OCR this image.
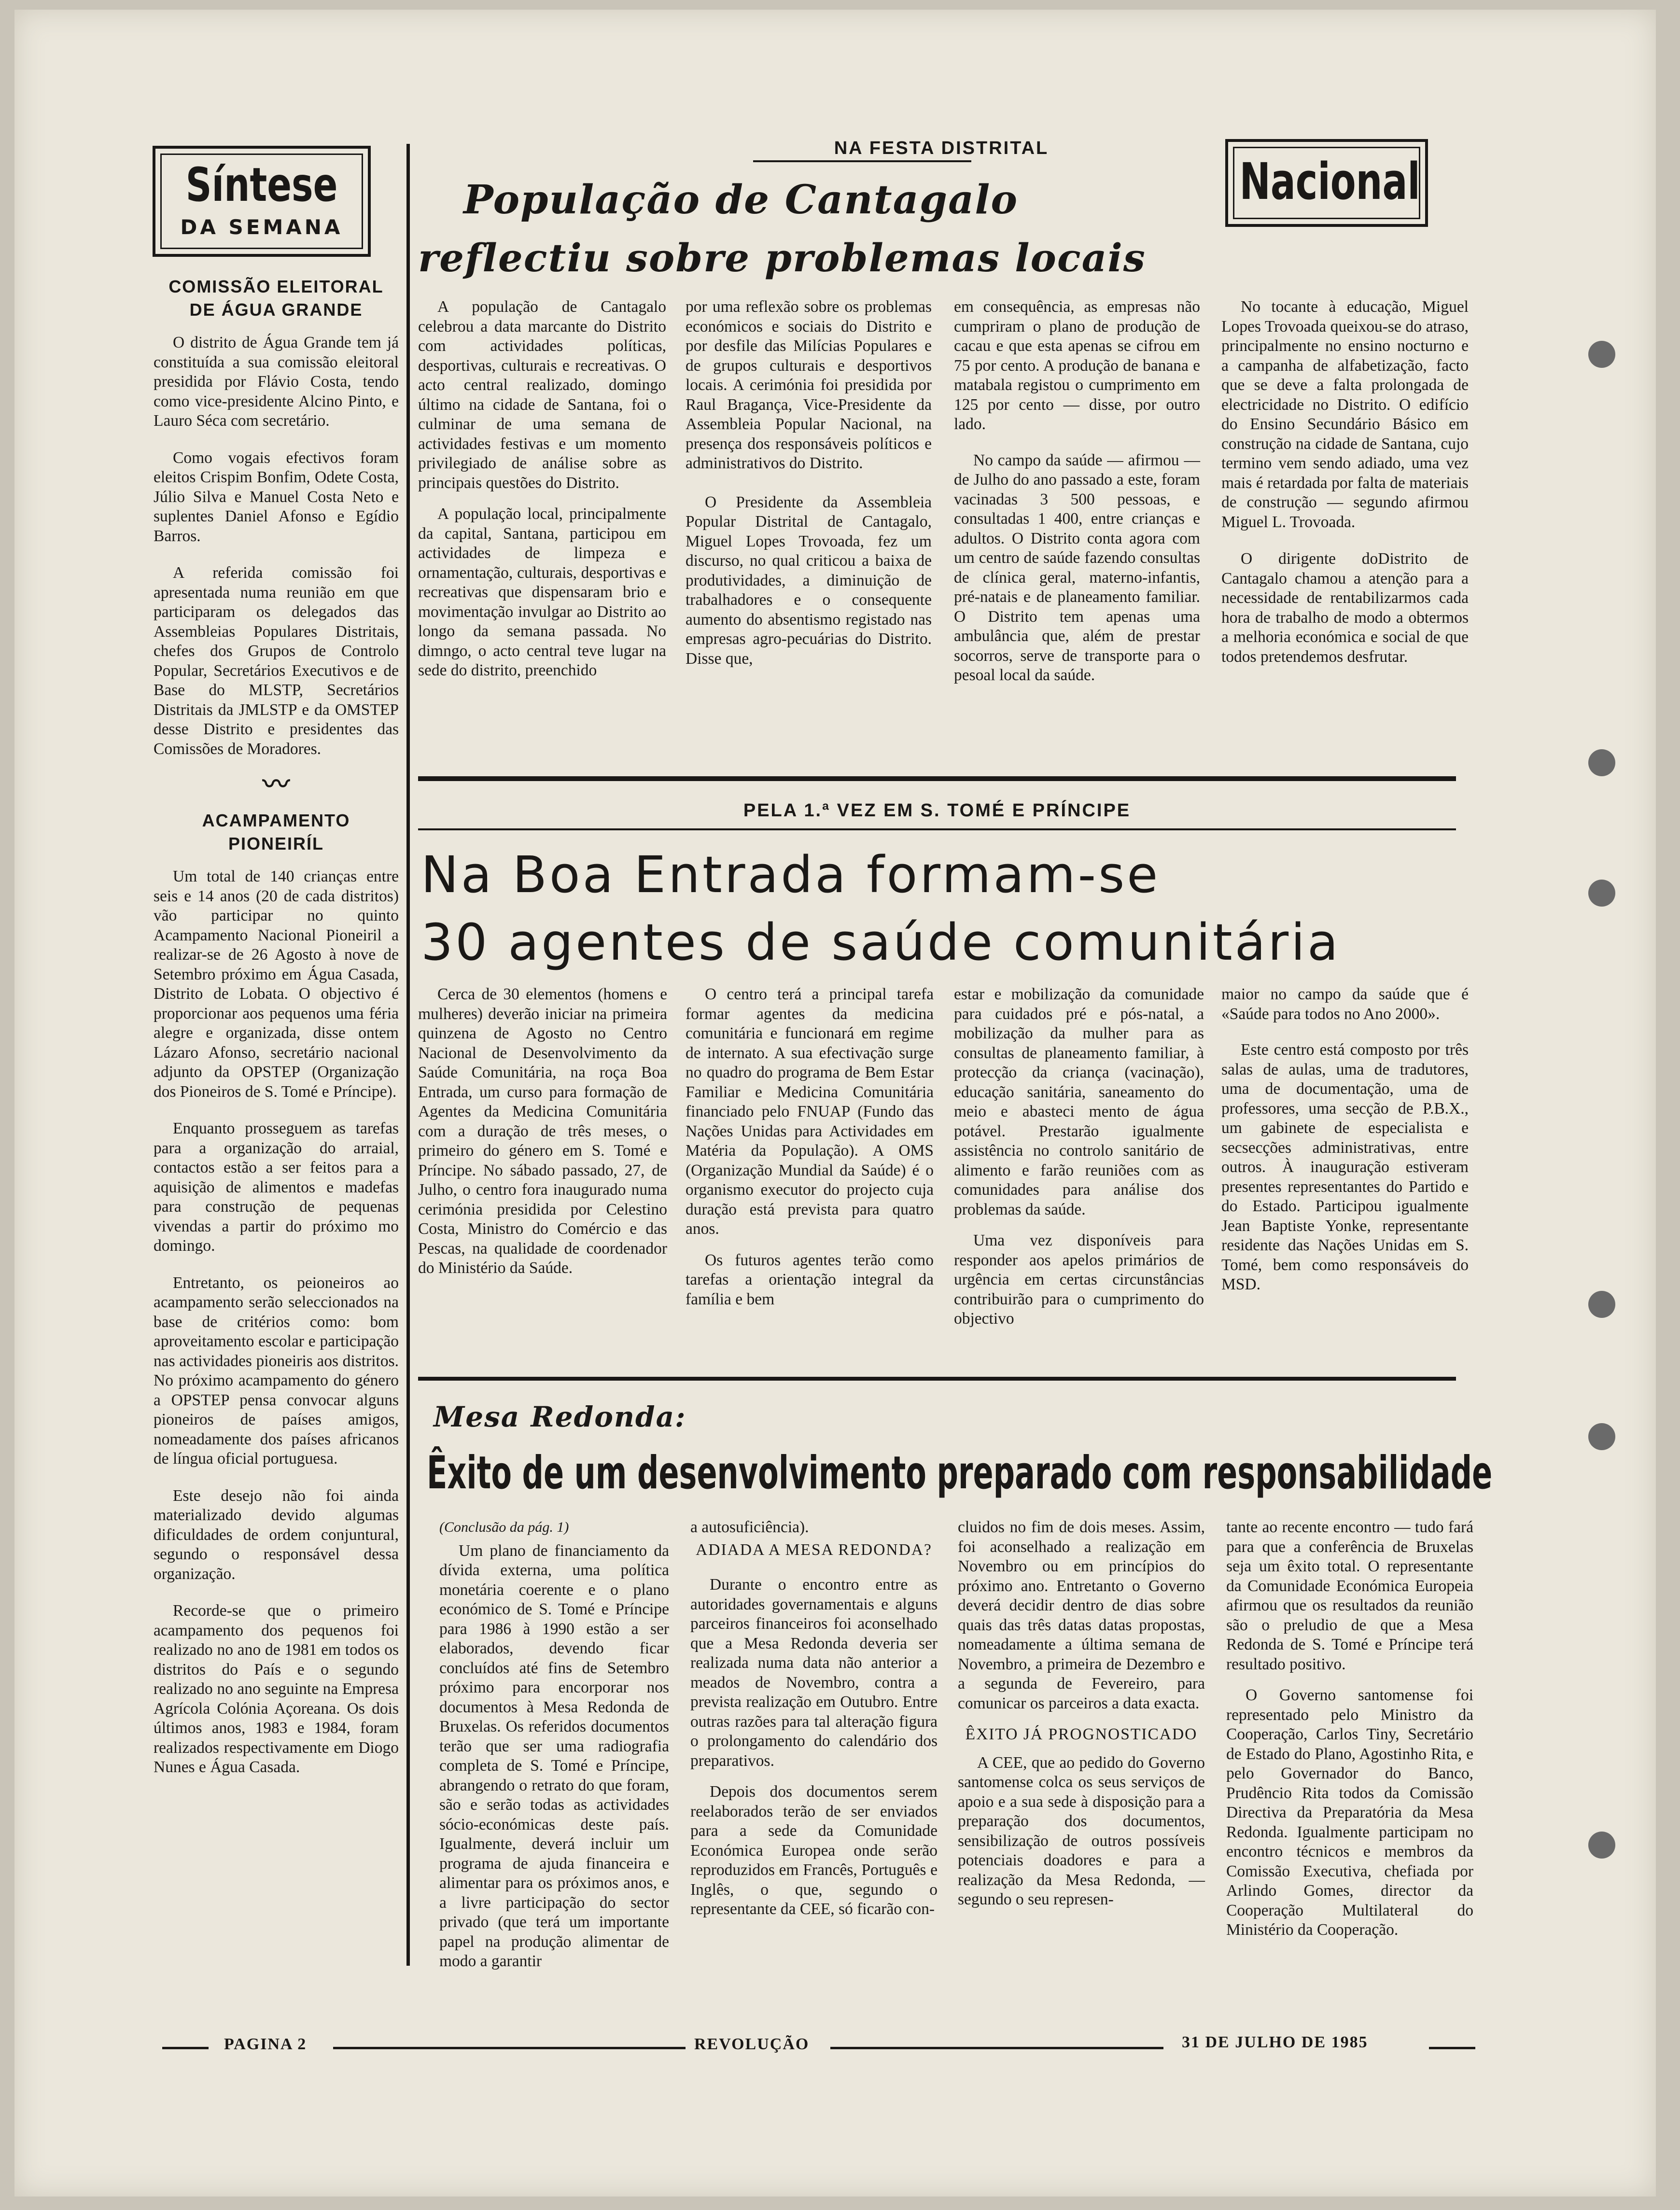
Síntese
DA SEMANA
Nacional
COMISSÃO ELEITORAL DE ÁGUA GRANDE

O distrito de Água Grande tem já constituída a sua comissão eleitoral presidida por Flávio Costa, tendo como vice-presidente Alcino Pinto, e Lauro Séca com secretário.

Como vogais efectivos foram eleitos Crispim Bonfim, Odete Costa, Júlio Silva e Manuel Costa Neto e suplentes Daniel Afonso e Egídio Barros.

A referida comissão foi apresentada numa reunião em que participaram os delegados das Assembleias Populares Distritais, chefes dos Grupos de Controlo Popular, Secretários Executivos e de Base do MLSTP, Secretários Distritais da JMLSTP e da OMSTEP desse Distrito e presidentes das Comissões de Moradores.

〰
ACAMPAMENTO PIONEIRÍL

Um total de 140 crianças entre seis e 14 anos (20 de cada distritos) vão participar no quinto Acampamento Nacional Pioneiril a realizar-se de 26 Agosto à nove de Setembro próximo em Água Casada, Distrito de Lobata. O objectivo é proporcionar aos pequenos uma féria alegre e organizada, disse ontem Lázaro Afonso, secretário nacional adjunto da OPSTEP (Organização dos Pioneiros de S. Tomé e Príncipe).

Enquanto prosseguem as tarefas para a organização do arraial, contactos estão a ser feitos para a aquisição de alimentos e madefas para construção de pequenas vivendas a partir do próximo mo domingo.

Entretanto, os peioneiros ao acampamento serão seleccionados na base de critérios como: bom aproveitamento escolar e participação nas actividades pioneiris aos distritos. No próximo acampamento do género a OPSTEP pensa convocar alguns pioneiros de países amigos, nomeadamente dos países africanos de língua oficial portuguesa.

Este desejo não foi ainda materializado devido algumas dificuldades de ordem conjuntural, segundo o responsável dessa organização.

Recorde-se que o primeiro acampamento dos pequenos foi realizado no ano de 1981 em todos os distritos do País e o segundo realizado no ano seguinte na Empresa Agrícola Colónia Açoreana. Os dois últimos anos, 1983 e 1984, foram realizados respectivamente em Diogo Nunes e Água Casada.

NA FESTA DISTRITAL
População de Cantagalo
reflectiu sobre problemas locais

A população de Cantagalo celebrou a data marcante do Distrito com actividades políticas, desportivas, culturais e recreativas. O acto central realizado, domingo último na cidade de Santana, foi o culminar de uma semana de actividades festivas e um momento privilegiado de análise sobre as principais questões do Distrito.

A população local, principalmente da capital, Santana, participou em actividades de limpeza e ornamentação, culturais, desportivas e recreativas que dispensaram brio e movimentação invulgar ao Distrito ao longo da semana passada. No dimngo, o acto central teve lugar na sede do distrito, preenchido

por uma reflexão sobre os problemas económicos e sociais do Distrito e por desfile das Milícias Populares e de grupos culturais e desportivos locais. A cerimónia foi presidida por Raul Bragança, Vice-Presidente da Assembleia Popular Nacional, na presença dos responsáveis políticos e administrativos do Distrito.

O Presidente da Assembleia Popular Distrital de Cantagalo, Miguel Lopes Trovoada, fez um discurso, no qual criticou a baixa de produtividades, a diminuição de trabalhadores e o consequente aumento do absentismo registado nas empresas agro-pecuárias do Distrito. Disse que,

em consequência, as empresas não cumpriram o plano de produção de cacau e que esta apenas se cifrou em 75 por cento. A produção de banana e matabala registou o cumprimento em 125 por cento — disse, por outro lado.

No campo da saúde — afirmou — de Julho do ano passado a este, foram vacinadas 3 500 pessoas, e consultadas 1 400, entre crianças e adultos. O Distrito conta agora com um centro de saúde fazendo consultas de clínica geral, materno-infantis, pré-natais e de planeamento familiar. O Distrito tem apenas uma ambulância que, além de prestar socorros, serve de transporte para o pesoal local da saúde.

No tocante à educação, Miguel Lopes Trovoada queixou-se do atraso, principalmente no ensino nocturno e a campanha de alfabetização, facto que se deve a falta prolongada de electricidade no Distrito. O edifício do Ensino Secundário Básico em construção na cidade de Santana, cujo termino vem sendo adiado, uma vez mais é retardada por falta de materiais de construção — segundo afirmou Miguel L. Trovoada.

O dirigente doDistrito de Cantagalo chamou a atenção para a necessidade de rentabilizarmos cada hora de trabalho de modo a obtermos a melhoria económica e social de que todos pretendemos desfrutar.

PELA 1.ª VEZ EM S. TOMÉ E PRÍNCIPE
Na Boa Entrada formam-se
30 agentes de saúde comunitária

Cerca de 30 elementos (homens e mulheres) deverão iniciar na primeira quinzena de Agosto no Centro Nacional de Desenvolvimento da Saúde Comunitária, na roça Boa Entrada, um curso para formação de Agentes da Medicina Comunitária com a duração de três meses, o primeiro do género em S. Tomé e Príncipe. No sábado passado, 27, de Julho, o centro fora inaugurado numa cerimónia presidida por Celestino Costa, Ministro do Comércio e das Pescas, na qualidade de coordenador do Ministério da Saúde.

O centro terá a principal tarefa formar agentes da medicina comunitária e funcionará em regime de internato. A sua efectivação surge no quadro do programa de Bem Estar Familiar e Medicina Comunitária financiado pelo FNUAP (Fundo das Nações Unidas para Actividades em Matéria da População). A OMS (Organização Mundial da Saúde) é o organismo executor do projecto cuja duração está prevista para quatro anos.

Os futuros agentes terão como tarefas a orientação integral da família e bem

estar e mobilização da comunidade para cuidados pré e pós-natal, a mobilização da mulher para as consultas de planeamento familiar, à protecção da criança (vacinação), educação sanitária, saneamento do meio e abasteci mento de água potável. Prestarão igualmente assistência no controlo sanitário de alimento e farão reuniões com as comunidades para análise dos problemas da saúde.

Uma vez disponíveis para responder aos apelos primários de urgência em certas circunstâncias contribuirão para o cumprimento do objectivo

maior no campo da saúde que é «Saúde para todos no Ano 2000».

Este centro está composto por três salas de aulas, uma de tradutores, uma de documentação, uma de professores, uma secção de P.B.X., um gabinete de especialista e secsecções administrativas, entre outros. À inauguração estiveram presentes representantes do Partido e do Estado. Participou igualmente Jean Baptiste Yonke, representante residente das Nações Unidas em S. Tomé, bem como responsáveis do MSD.

Mesa Redonda:
Êxito de um desenvolvimento preparado com responsabilidade

(Conclusão da pág. 1)

Um plano de financiamento da dívida externa, uma política monetária coerente e o plano económico de S. Tomé e Príncipe para 1986 à 1990 estão a ser elaborados, devendo ficar concluídos até fins de Setembro próximo para encorporar nos documentos à Mesa Redonda de Bruxelas. Os referidos documentos terão que ser uma radiografia completa de S. Tomé e Príncipe, abrangendo o retrato do que foram, são e serão todas as actividades sócio-económicas deste país. Igualmente, deverá incluir um programa de ajuda financeira e alimentar para os próximos anos, e a livre participação do sector privado (que terá um importante papel na produção alimentar de modo a garantir

a autosuficiência).

ADIADA A MESA REDONDA?

Durante o encontro entre as autoridades governamentais e alguns parceiros financeiros foi aconselhado que a Mesa Redonda deveria ser realizada numa data não anterior a meados de Novembro, contra a prevista realização em Outubro. Entre outras razões para tal alteração figura o prolongamento do calendário dos preparativos.

Depois dos documentos serem reelaborados terão de ser enviados para a sede da Comunidade Económica Europea onde serão reproduzidos em Francês, Português e Inglês, o que, segundo o representante da CEE, só ficarão con-

cluidos no fim de dois meses. Assim, foi aconselhado a realização em Novembro ou em princípios do próximo ano. Entretanto o Governo deverá decidir dentro de dias sobre quais das três datas datas propostas, nomeadamente a última semana de Novembro, a primeira de Dezembro e a segunda de Fevereiro, para comunicar os parceiros a data exacta.

ÊXITO JÁ PROGNOSTICADO

A CEE, que ao pedido do Governo santomense colca os seus serviços de apoio e a sua sede à disposição para a preparação dos documentos, sensibilização de outros possíveis potenciais doadores e para a realização da Mesa Redonda, — segundo o seu represen-

tante ao recente encontro — tudo fará para que a conferência de Bruxelas seja um êxito total. O representante da Comunidade Económica Europeia afirmou que os resultados da reunião são o preludio de que a Mesa Redonda de S. Tomé e Príncipe terá resultado positivo.

O Governo santomense foi representado pelo Ministro da Cooperação, Carlos Tiny, Secretário de Estado do Plano, Agostinho Rita, e pelo Governador do Banco, Prudêncio Rita todos da Comissão Directiva da Preparatória da Mesa Redonda. Igualmente participam no encontro técnicos e membros da Comissão Executiva, chefiada por Arlindo Gomes, director da Cooperação Multilateral do Ministério da Cooperação.

PAGINA 2	REVOLUÇÃO	31 DE JULHO DE 1985
